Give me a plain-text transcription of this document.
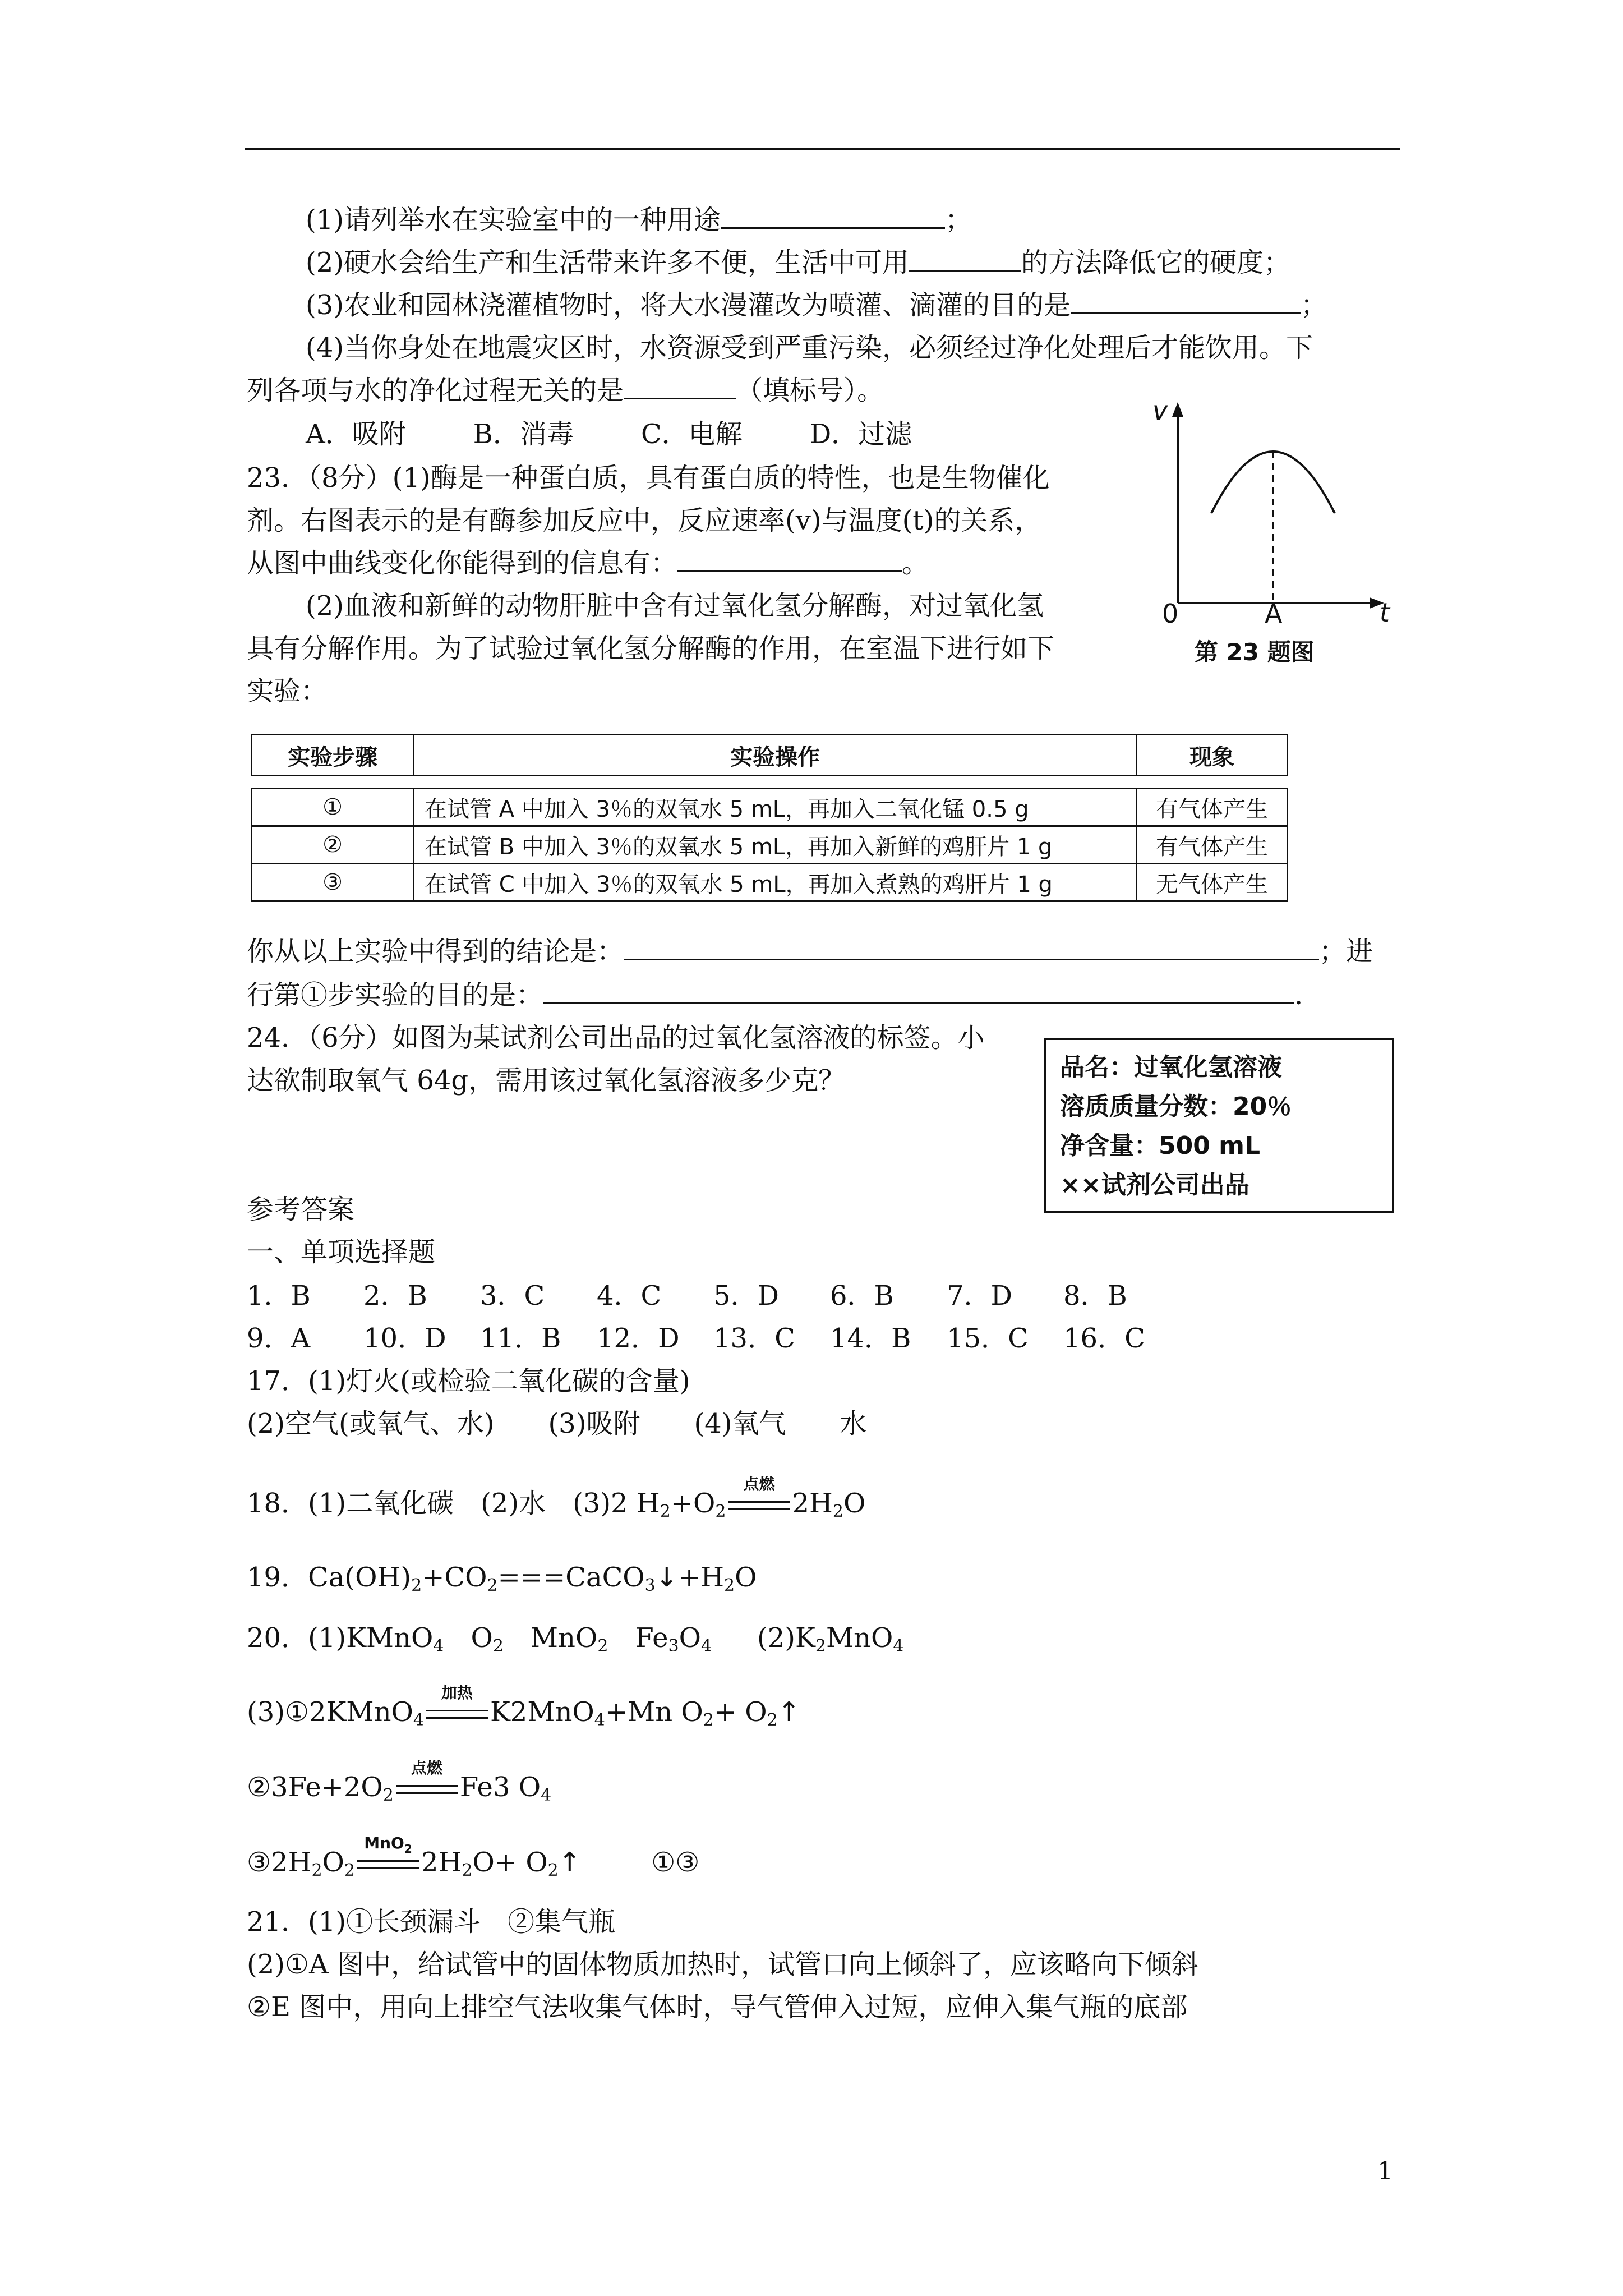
(1)请列举水在实验室中的一种用途	；
(2)硬水会给生产和生活带来许多不便，生活中可用	的方法降低它的硬度；
(3)农业和园林浇灌植物时，将大水漫灌改为喷灌、滴灌的目的是	；
(4)当你身处在地震灾区时，水资源受到严重污染，必须经过净化处理后才能饮用。下
列各项与水的净化过程无关的是	（填标号）。
A．吸附	B．消毒	C．电解	D．过滤
23．（8分）(1)酶是一种蛋白质，具有蛋白质的特性，也是生物催化
剂。右图表示的是有酶参加反应中，反应速率(v)与温度(t)的关系，
从图中曲线变化你能得到的信息有：	。
(2)血液和新鲜的动物肝脏中含有过氧化氢分解酶，对过氧化氢
具有分解作用。为了试验过氧化氢分解酶的作用，在室温下进行如下
实验：
v
t
0	A
第 23 题图
实验步骤	实验操作	现象

①	在试管 A 中加入 3％的双氧水 5 mL，再加入二氧化锰 0.5 g	有气体产生
②	在试管 B 中加入 3％的双氧水 5 mL，再加入新鲜的鸡肝片 1 g	有气体产生
③	在试管 C 中加入 3％的双氧水 5 mL，再加入煮熟的鸡肝片 1 g	无气体产生
你从以上实验中得到的结论是：	；进
行第①步实验的目的是：	.
24．（6分）如图为某试剂公司出品的过氧化氢溶液的标签。小
达欲制取氧气 64g，需用该过氧化氢溶液多少克？	品名：过氧化氢溶液
溶质质量分数：20％
净含量：500 mL
××试剂公司出品
参考答案
一、单项选择题
1．B 2．B 3．C 4．C 5．D 6．B 7．D 8．B
9．A 10．D 11．B 12．D 13．C 14．B 15．C 16．C
17．(1)灯火(或检验二氧化碳的含量)
(2)空气(或氧气、水)　　(3)吸附　　(4)氧气　　水
18．(1)二氧化碳　(2)水　(3)2 $H_2+O_2$
点燃
$2H_2O$
19．$Ca(OH)_2+CO_2===CaCO_3↓+H_2O$
20．(1)KMnO$_4$　$O_2$　MnO$_2$　$Fe_3O_4$ $(2)K_2MnO_4$
(3)①2KMnO$_4$
加热
K2MnO$_4$+Mn $O_2+$ $O_2↑$
$②3Fe+2O_2$
点燃
Fe3 $O_4$
$③2H_2O_2$
MnO$_2$ $2H_2O+$ $O_2↑$	①③
21．(1)①长颈漏斗　②集气瓶
(2)①A 图中，给试管中的固体物质加热时，试管口向上倾斜了，应该略向下倾斜
②E 图中，用向上排空气法收集气体时，导气管伸入过短，应伸入集气瓶的底部
1
